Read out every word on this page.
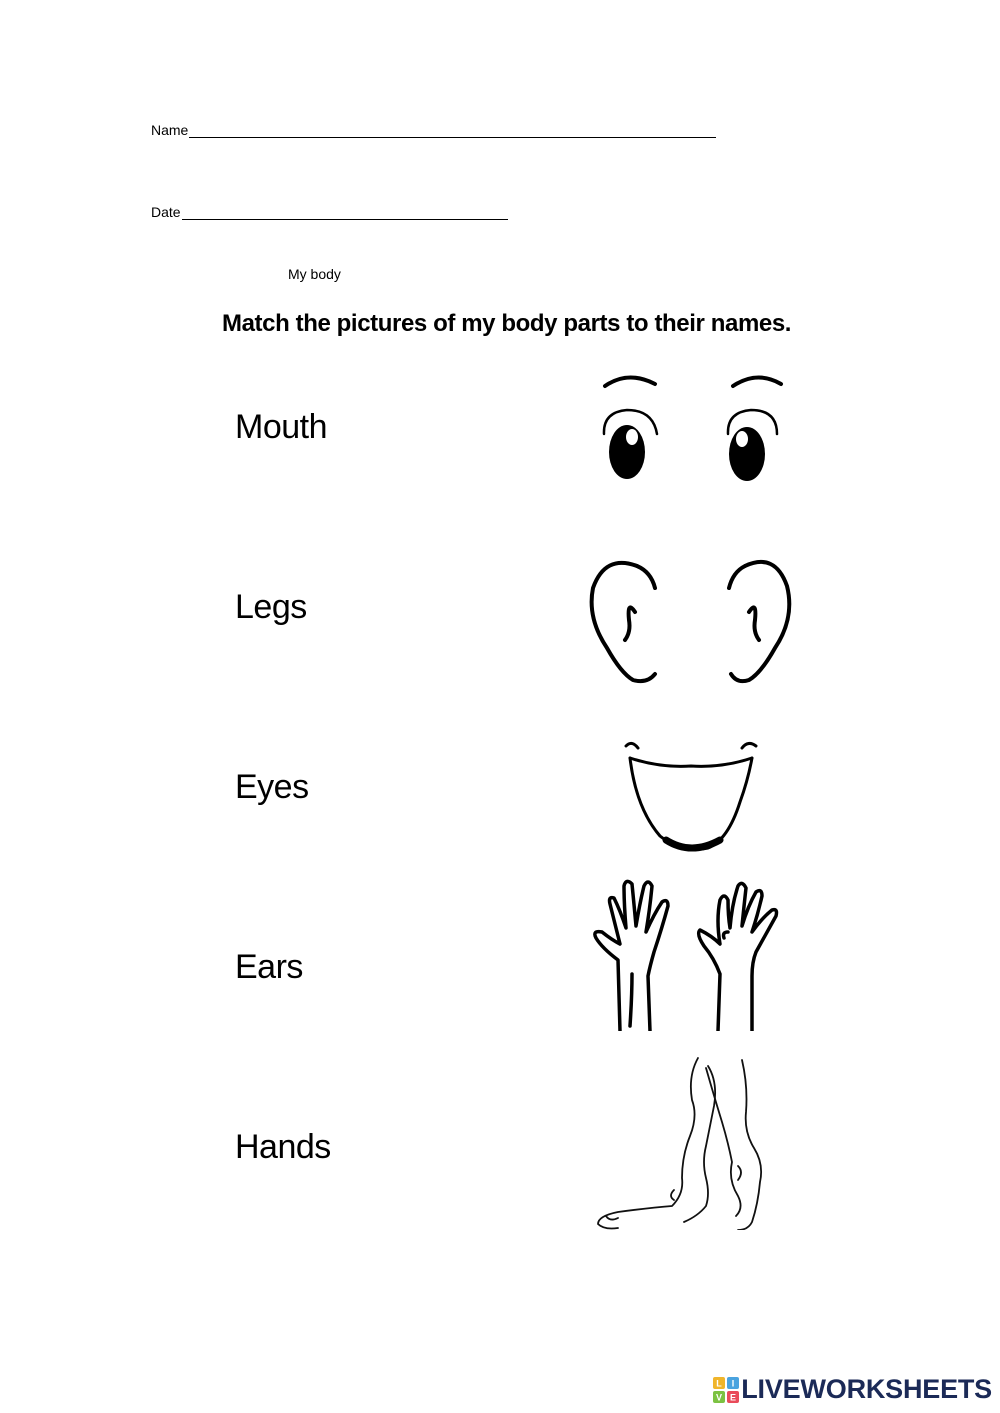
Name
Date
My body
Match the pictures of my body parts to their names.
Mouth
Legs
Eyes
Ears
Hands
L I
V E LIVEWORKSHEETS
